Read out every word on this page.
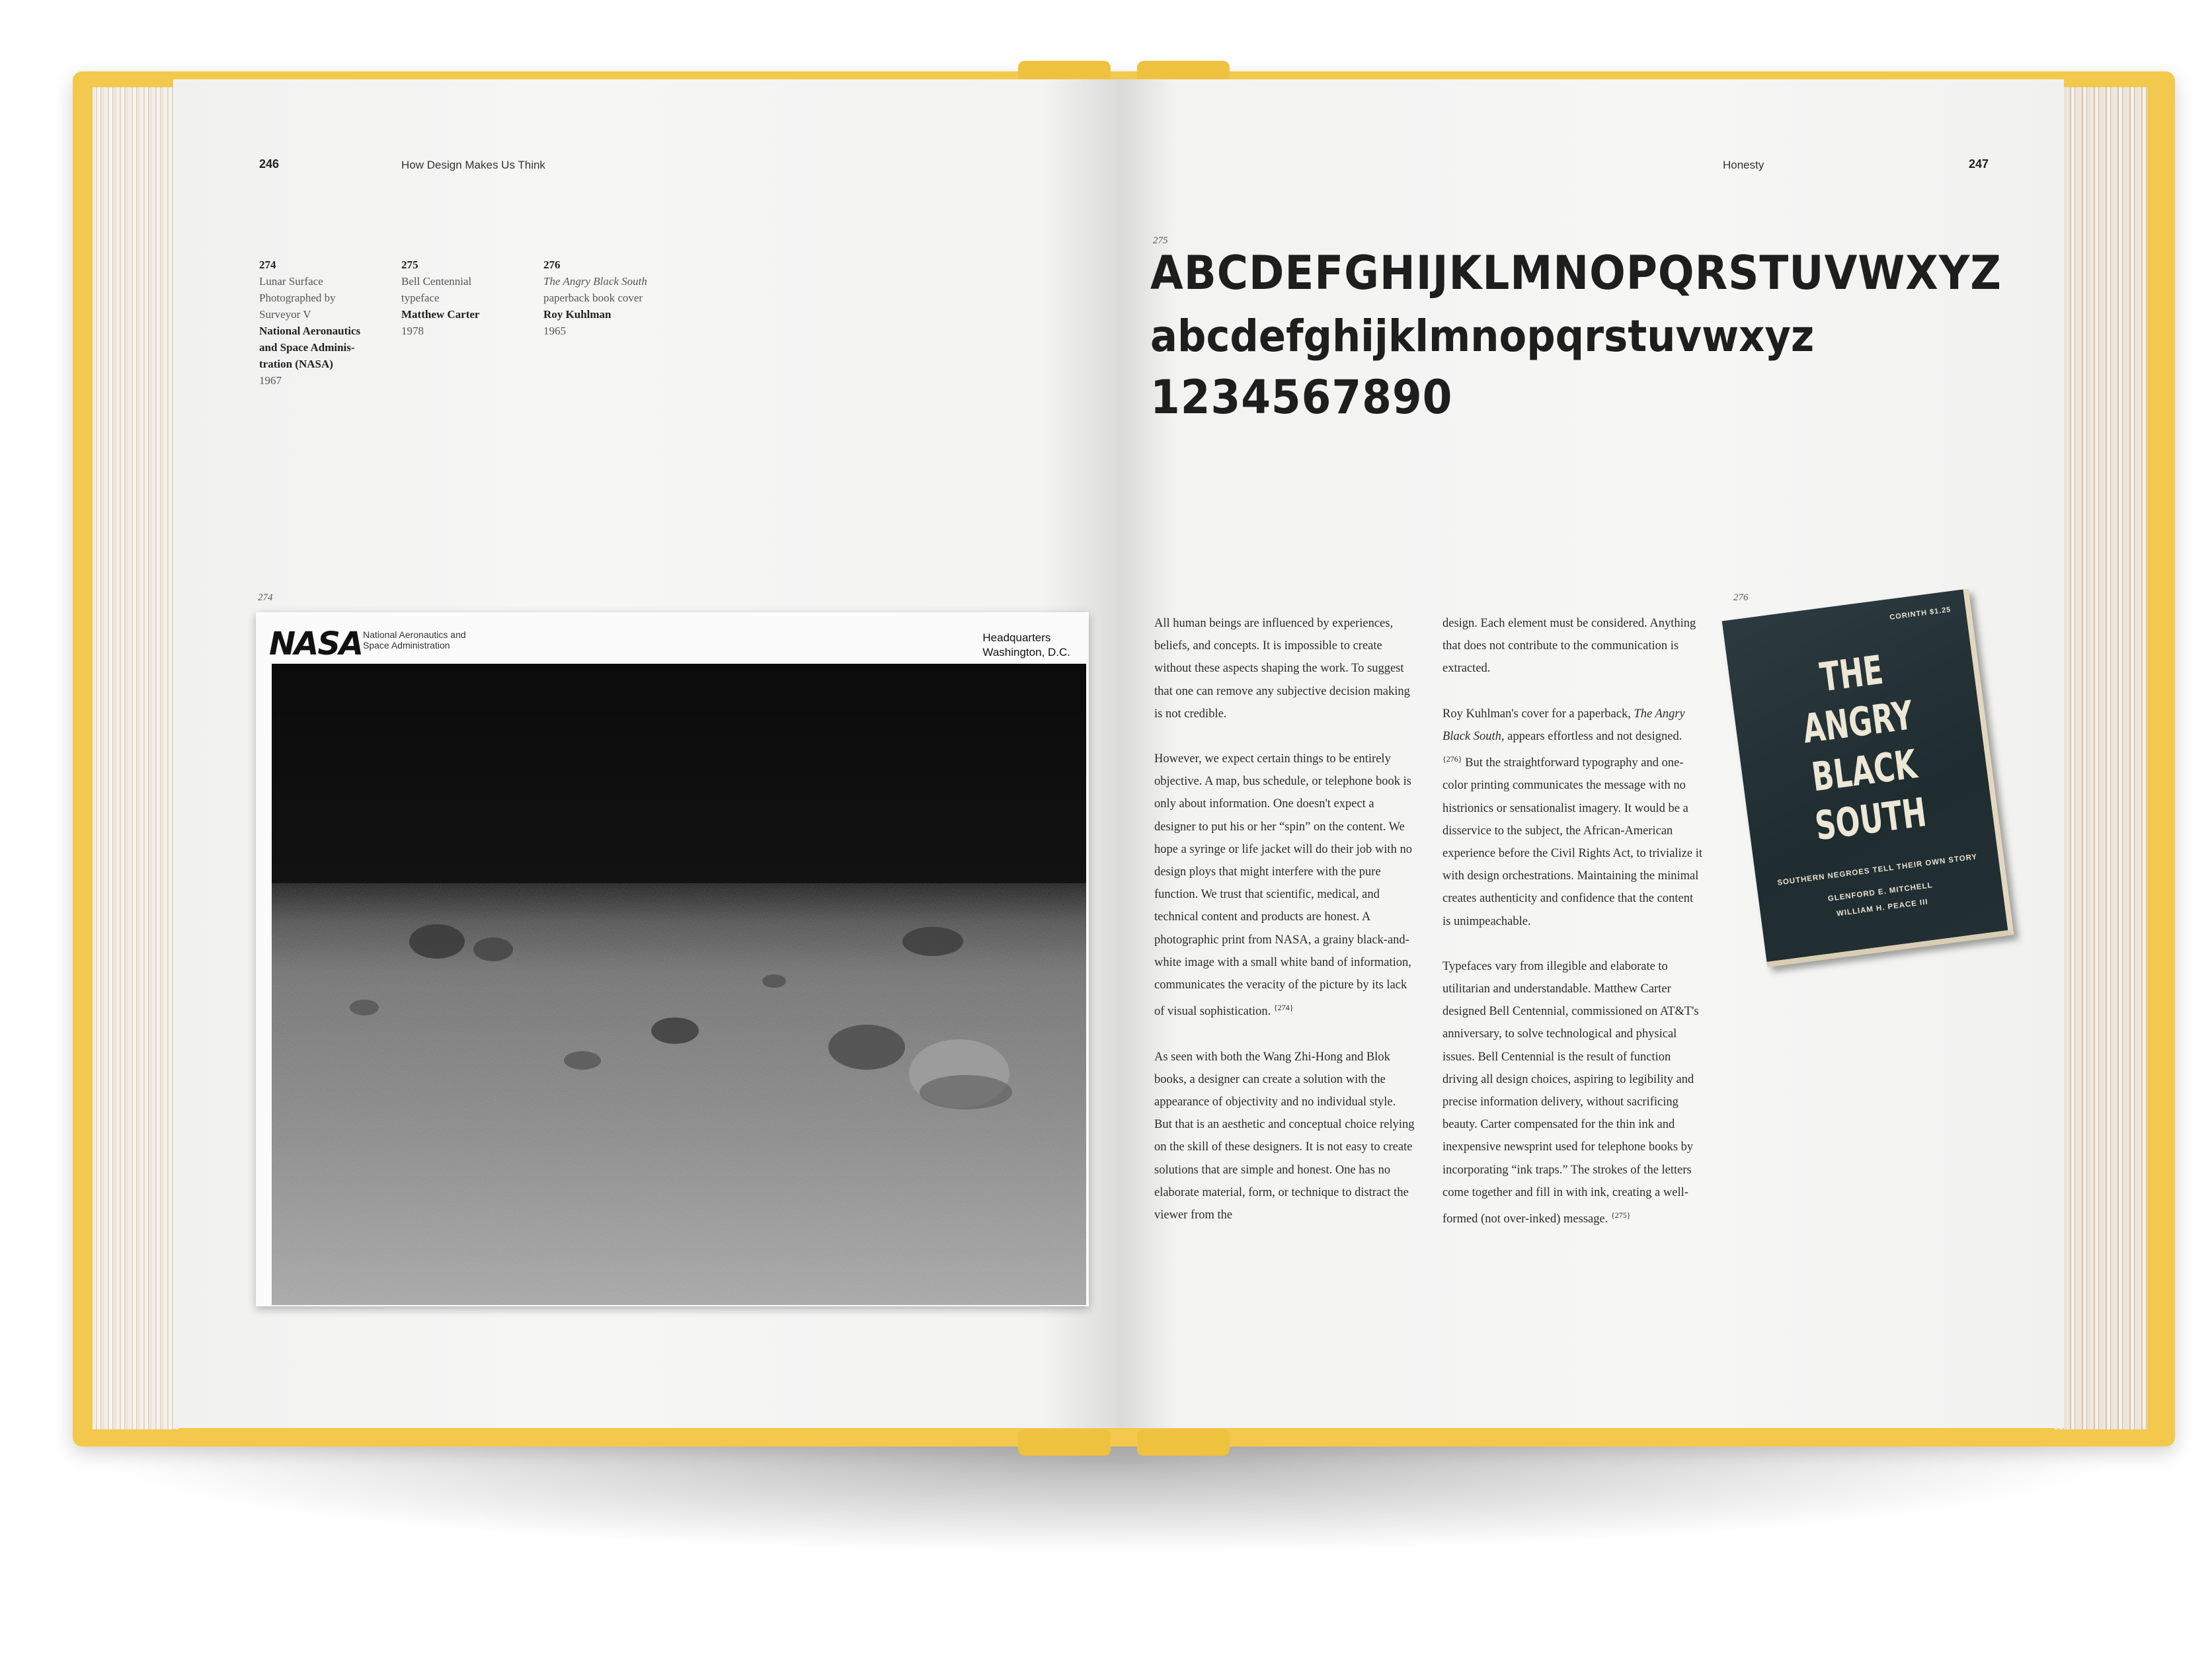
246	How Design Makes Us Think
274
Lunar Surface
Photographed by
Surveyor V
National Aeronautics
and Space Adminis-
tration (NASA)
1967
275
Bell Centennial
typeface
Matthew Carter
1978
276
The Angry Black South
paperback book cover
Roy Kuhlman
1965
274
NASA National Aeronautics and
Space Administration
Headquarters
Washington, D.C.
Honesty	247
275
ABCDEFGHIJKLMNOPQRSTUVWXYZ
abcdefghijklmnopqrstuvwxyz
1234567890

All human beings are influenced by experiences, beliefs, and concepts. It is impossible to create without these aspects shaping the work. To suggest that one can remove any subjective decision making is not credible.

However, we expect certain things to be entirely objective. A map, bus schedule, or telephone book is only about information. One doesn't expect a designer to put his or her “spin” on the content. We hope a syringe or life jacket will do their job with no design ploys that might interfere with the pure function. We trust that scientific, medical, and technical content and products are honest. A photographic print from NASA, a grainy black-and-white image with a small white band of information, communicates the veracity of the picture by its lack of visual sophistication. $^{\{274\}}$

As seen with both the Wang Zhi-Hong and Blok books, a designer can create a solution with the appearance of objectivity and no individual style. But that is an aesthetic and conceptual choice relying on the skill of these designers. It is not easy to create solutions that are simple and honest. One has no elaborate material, form, or technique to distract the viewer from the

design. Each element must be considered. Anything that does not contribute to the communication is extracted.

Roy Kuhlman's cover for a paperback, The Angry Black South, appears effortless and not designed. $^{\{276\}}$ But the straightforward typography and one-color printing communicates the message with no histrionics or sensationalist imagery. It would be a disservice to the subject, the African-American experience before the Civil Rights Act, to trivialize it with design orchestrations. Maintaining the minimal creates authenticity and confidence that the content is unimpeachable.

Typefaces vary from illegible and elaborate to utilitarian and understandable. Matthew Carter designed Bell Centennial, commissioned on AT&T's anniversary, to solve technological and physical issues. Bell Centennial is the result of function driving all design choices, aspiring to legibility and precise information delivery, without sacrificing beauty. Carter compensated for the thin ink and inexpensive newsprint used for telephone books by incorporating “ink traps.” The strokes of the letters come together and fill in with ink, creating a well-formed (not over-inked) message. $^{\{275\}}$

276
CORINTH $1.25
THE
ANGRY
BLACK
SOUTH
SOUTHERN NEGROES TELL THEIR OWN STORY
GLENFORD E. MITCHELL
WILLIAM H. PEACE III
